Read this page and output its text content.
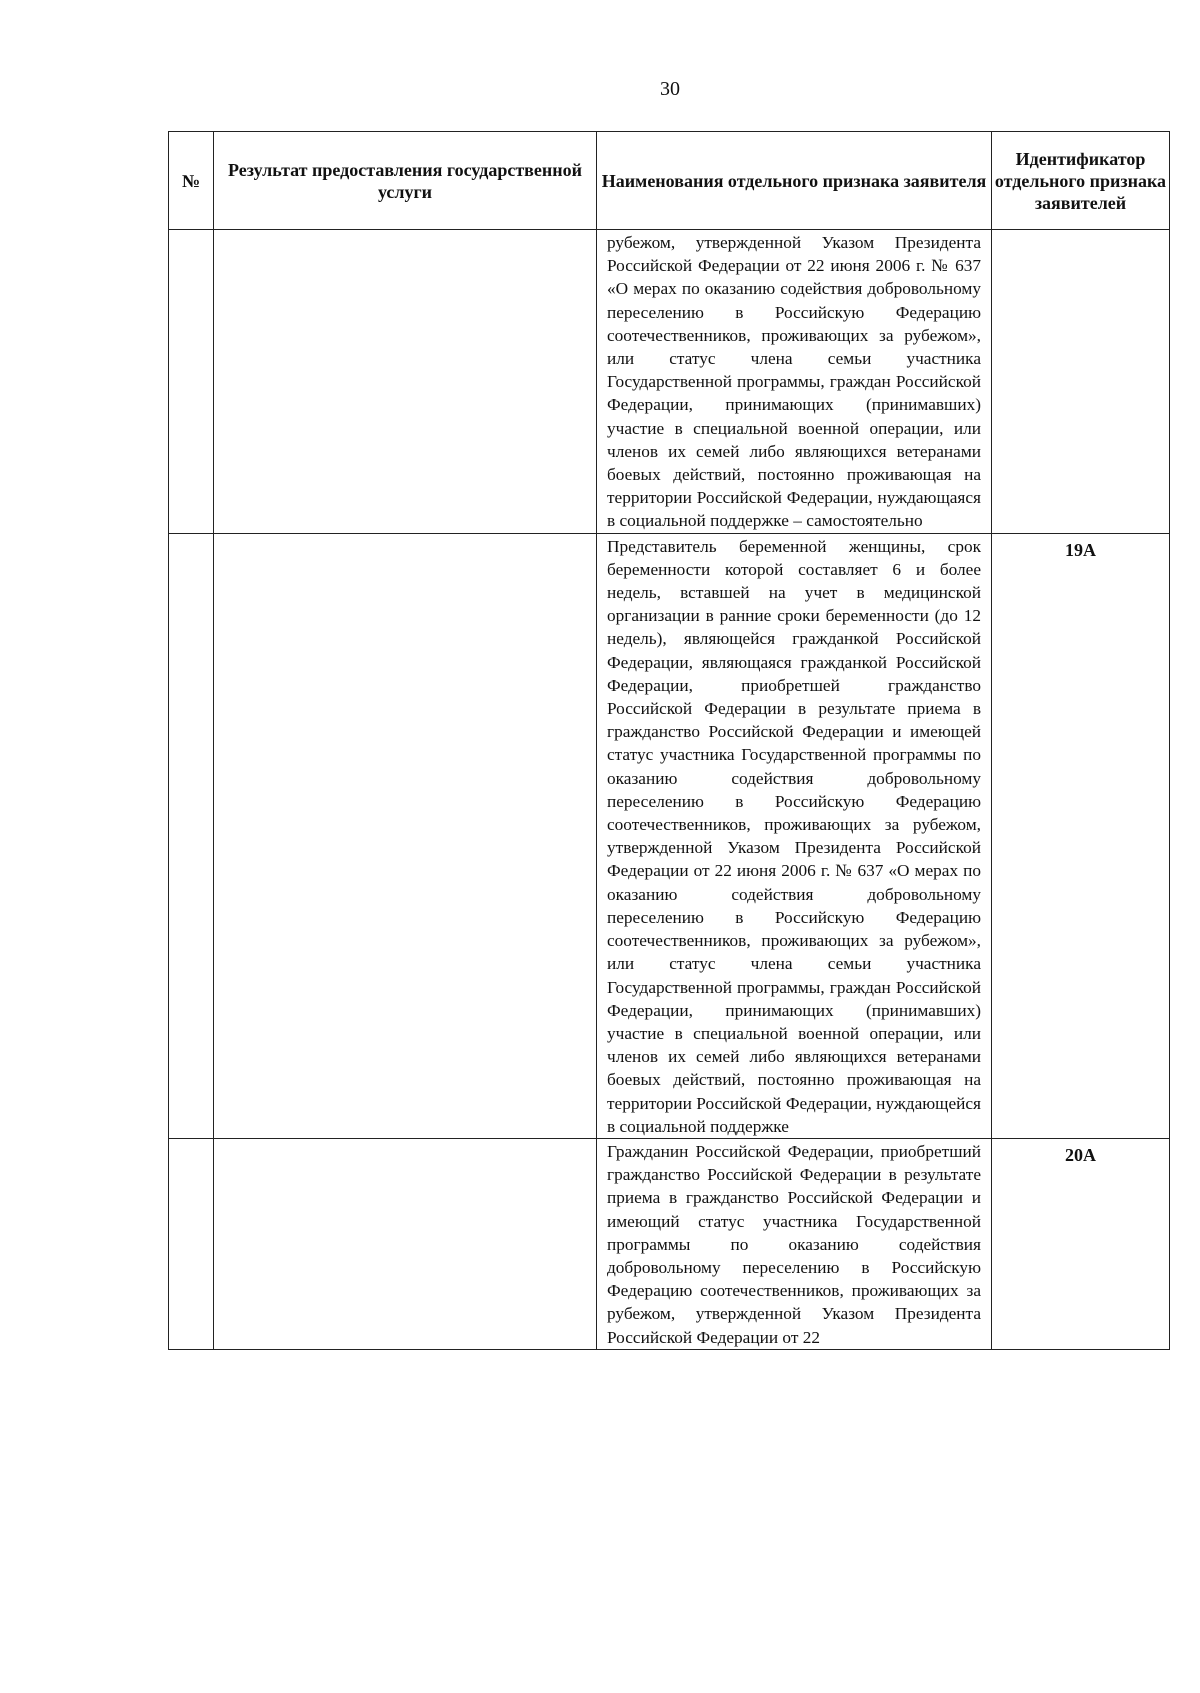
30
№	Результат предоставления государственной услуги	Наименования отдельного признака заявителя	Идентификатор отдельного признака заявителей

		рубежом, утвержденной Указом Президента Российской Федерации от 22 июня 2006 г. № 637 «О мерах по оказанию содействия добровольному переселению в Российскую Федерацию соотечественников, проживающих за рубежом», или статус члена семьи участника Государственной программы, граждан Российской Федерации, принимающих (принимавших) участие в специальной военной операции, или членов их семей либо являющихся ветеранами боевых действий, постоянно проживающая на территории Российской Федерации, нуждающаяся в социальной поддержке – самостоятельно	

		Представитель беременной женщины, срок беременности которой составляет 6 и более недель, вставшей на учет в медицинской организации в ранние сроки беременности (до 12 недель), являющейся гражданкой Российской Федерации, являющаяся гражданкой Российской Федерации, приобретшей гражданство Российской Федерации в результате приема в гражданство Российской Федерации и имеющей статус участника Государственной программы по оказанию содействия добровольному переселению в Российскую Федерацию соотечественников, проживающих за рубежом, утвержденной Указом Президента Российской Федерации от 22 июня 2006 г. № 637 «О мерах по оказанию содействия добровольному переселению в Российскую Федерацию соотечественников, проживающих за рубежом», или статус члена семьи участника Государственной программы, граждан Российской Федерации, принимающих (принимавших) участие в специальной военной операции, или членов их семей либо являющихся ветеранами боевых действий, постоянно проживающая на территории Российской Федерации, нуждающейся в социальной поддержке	19А

		Гражданин Российской Федерации, приобретший гражданство Российской Федерации в результате приема в гражданство Российской Федерации и имеющий статус участника Государственной программы по оказанию содействия добровольному переселению в Российскую Федерацию соотечественников, проживающих за рубежом, утвержденной Указом Президента Российской Федерации от 22	20А
